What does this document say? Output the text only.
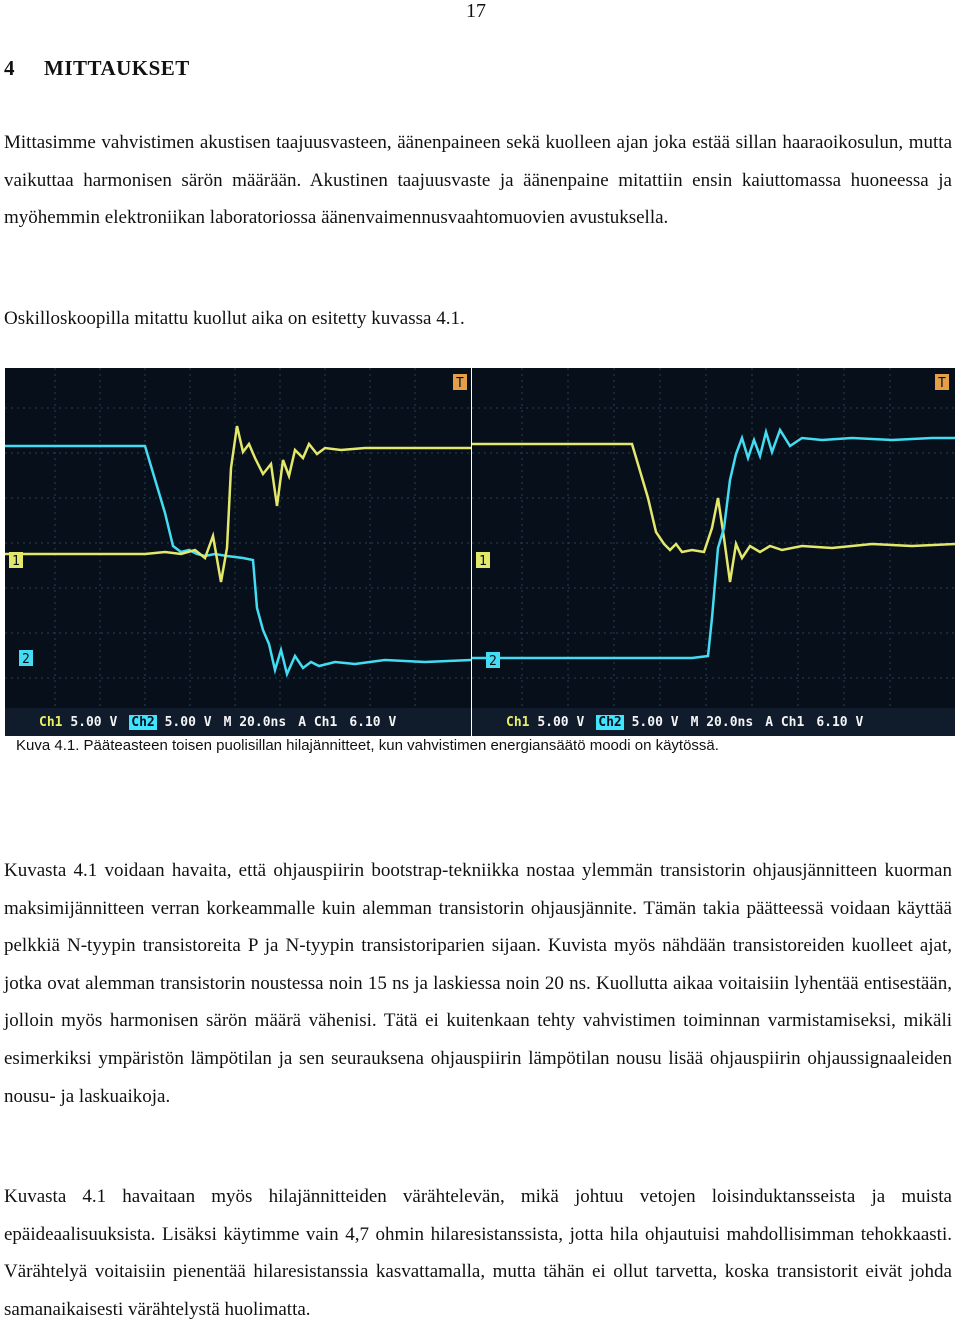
17
4 MITTAUKSET
Mittasimme vahvistimen akustisen taajuusvasteen, äänenpaineen sekä kuolleen ajan joka estää sillan haaraoikosulun, mutta vaikuttaa harmonisen särön määrään. Akustinen taajuusvaste ja äänenpaine mitattiin ensin kaiuttomassa huoneessa ja myöhemmin elektroniikan laboratoriossa äänenvaimennusvaahtomuovien avustuksella.
Oskilloskoopilla mitattu kuollut aika on esitetty kuvassa 4.1.
1
2
T
Ch1 5.00 V Ch2 5.00 V M 20.0ns A Ch1 6.10 V
1
2
T
Ch1 5.00 V Ch2 5.00 V M 20.0ns A Ch1 6.10 V
Kuva 4.1. Pääteasteen toisen puolisillan hilajännitteet, kun vahvistimen energiansäätö moodi on käytössä.
Kuvasta 4.1 voidaan havaita, että ohjauspiirin bootstrap-tekniikka nostaa ylemmän transistorin ohjausjännitteen kuorman maksimijännitteen verran korkeammalle kuin alemman transistorin ohjausjännite. Tämän takia päätteessä voidaan käyttää pelkkiä N-tyypin transistoreita P ja N-tyypin transistoriparien sijaan. Kuvista myös nähdään transistoreiden kuolleet ajat, jotka ovat alemman transistorin noustessa noin 15 ns ja laskiessa noin 20 ns. Kuollutta aikaa voitaisiin lyhentää entisestään, jolloin myös harmonisen särön määrä vähenisi. Tätä ei kuitenkaan tehty vahvistimen toiminnan varmistamiseksi, mikäli esimerkiksi ympäristön lämpötilan ja sen seurauksena ohjauspiirin lämpötilan nousu lisää ohjauspiirin ohjaussignaaleiden nousu- ja laskuaikoja.
Kuvasta 4.1 havaitaan myös hilajännitteiden värähtelevän, mikä johtuu vetojen loisinduktansseista ja muista epäideaalisuuksista. Lisäksi käytimme vain 4,7 ohmin hilaresistanssista, jotta hila ohjautuisi mahdollisimman tehokkaasti. Värähtelyä voitaisiin pienentää hilaresistanssia kasvattamalla, mutta tähän ei ollut tarvetta, koska transistorit eivät johda samanaikaisesti värähtelystä huolimatta.
